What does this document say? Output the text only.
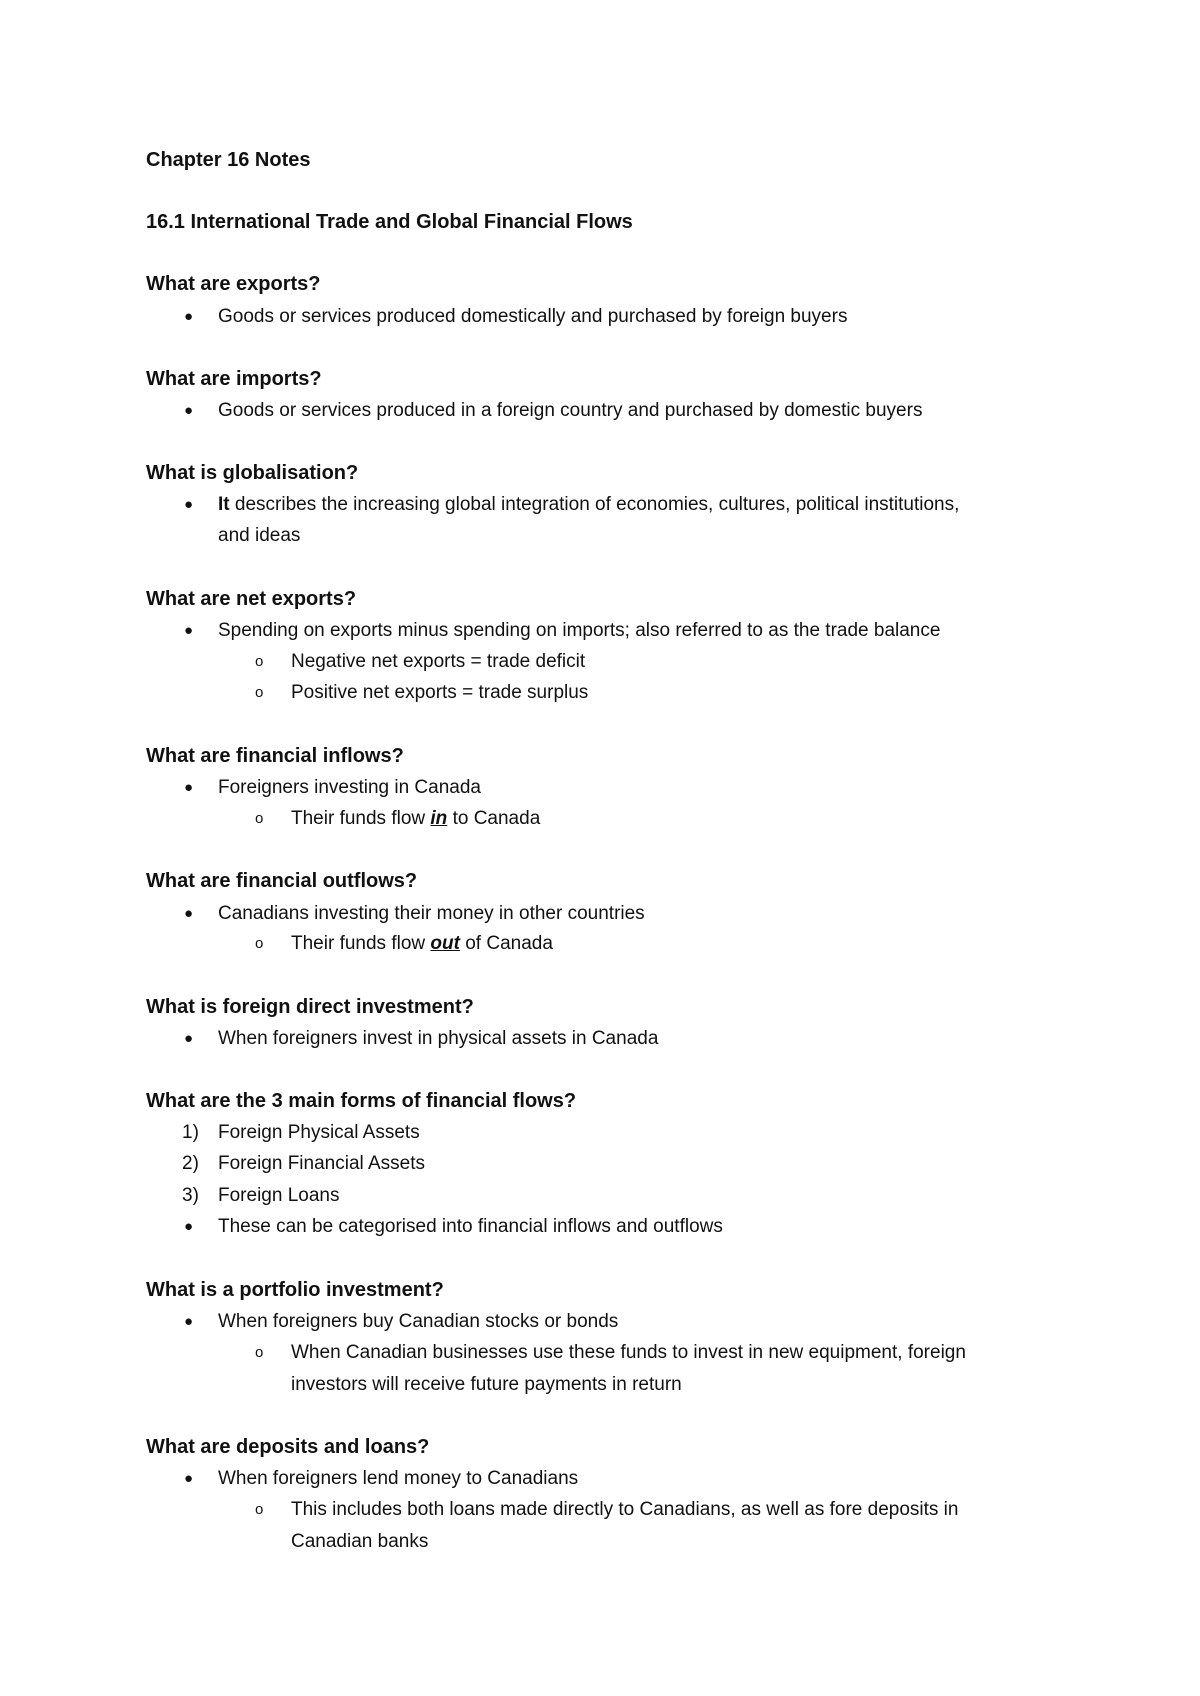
Chapter 16 Notes
16.1 International Trade and Global Financial Flows
What are exports?
● Goods or services produced domestically and purchased by foreign buyers
What are imports?
● Goods or services produced in a foreign country and purchased by domestic buyers
What is globalisation?
● It describes the increasing global integration of economies, cultures, political institutions,
and ideas
What are net exports?
● Spending on exports minus spending on imports; also referred to as the trade balance
o Negative net exports = trade deficit
o Positive net exports = trade surplus
What are financial inflows?
● Foreigners investing in Canada
o Their funds flow in to Canada
What are financial outflows?
● Canadians investing their money in other countries
o Their funds flow out of Canada
What is foreign direct investment?
● When foreigners invest in physical assets in Canada
What are the 3 main forms of financial flows?
1) Foreign Physical Assets
2) Foreign Financial Assets
3) Foreign Loans
● These can be categorised into financial inflows and outflows
What is a portfolio investment?
● When foreigners buy Canadian stocks or bonds
o When Canadian businesses use these funds to invest in new equipment, foreign
investors will receive future payments in return
What are deposits and loans?
● When foreigners lend money to Canadians
o This includes both loans made directly to Canadians, as well as fore deposits in
Canadian banks
